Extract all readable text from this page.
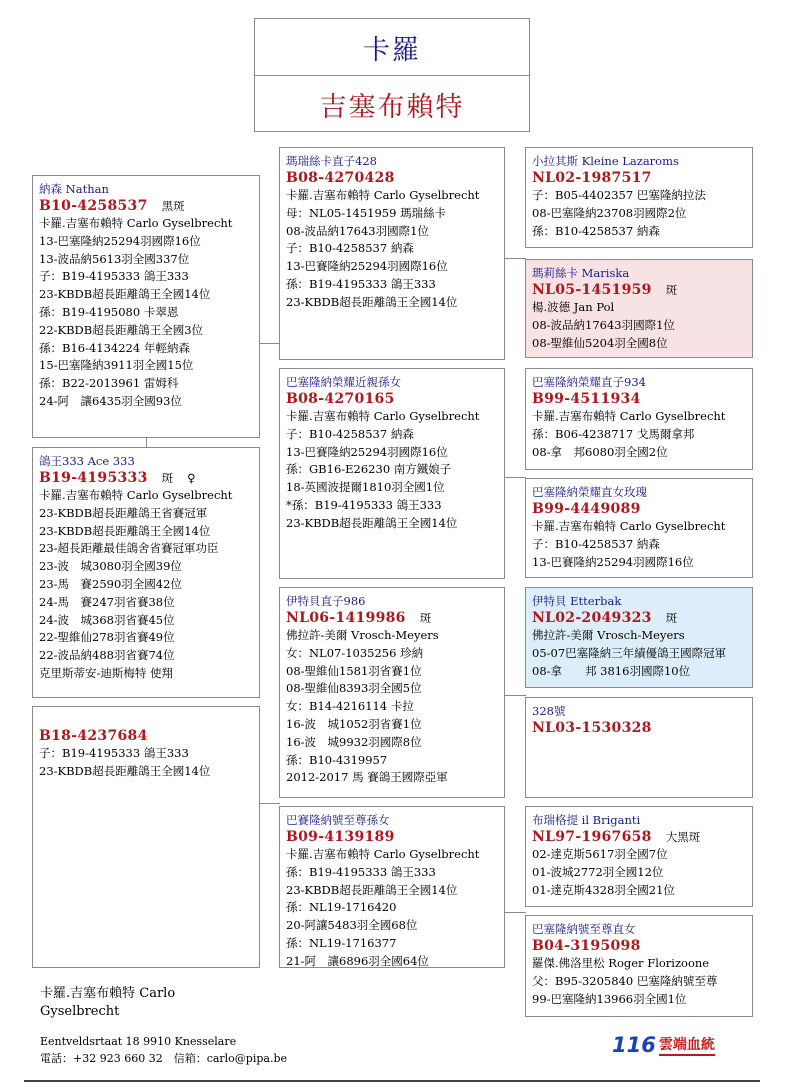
卡羅
吉塞布賴特
納森 Nathan
B10-4258537 黑斑
卡羅.吉塞布賴特 Carlo Gyselbrecht
13-巴塞隆納25294羽國際16位
13-波品納5613羽全國337位
子：B19-4195333 鴿王333
23-KBDB超長距離鴿王全國14位
孫：B19-4195080 卡翠恩
22-KBDB超長距離鴿王全國3位
孫：B16-4134224 年輕納森
15-巴塞隆納3911羽全國15位
孫：B22-2013961 雷姆科
24-阿　讓6435羽全國93位
鴿王333 Ace 333
B19-4195333 斑 ♀
卡羅.吉塞布賴特 Carlo Gyselbrecht
23-KBDB超長距離鴿王省賽冠軍
23-KBDB超長距離鴿王全國14位
23-超長距離最佳鴿舍省賽冠軍功臣
23-波　城3080羽全國39位
23-馬　賽2590羽全國42位
24-馬　賽247羽省賽38位
24-波　城368羽省賽45位
22-聖維仙278羽省賽49位
22-波品納488羽省賽74位
克里斯蒂安-迪斯梅特 使翔
B18-4237684
子：B19-4195333 鴿王333
23-KBDB超長距離鴿王全國14位
瑪瑞絲卡直子428
B08-4270428
卡羅.吉塞布賴特 Carlo Gyselbrecht
母：NL05-1451959 瑪瑞絲卡
08-波品納17643羽國際1位
子：B10-4258537 納森
13-巴賽隆納25294羽國際16位
孫：B19-4195333 鴿王333
23-KBDB超長距離鴿王全國14位
巴塞隆納榮耀近親孫女
B08-4270165
卡羅.吉塞布賴特 Carlo Gyselbrecht
子：B10-4258537 納森
13-巴賽隆納25294羽國際16位
孫：GB16-E26230 南方鐵娘子
18-英國波提爾1810羽全國1位
*孫：B19-4195333 鴿王333
23-KBDB超長距離鴿王全國14位
伊特貝直子986
NL06-1419986 斑
佛拉許-美爾 Vrosch-Meyers
女：NL07-1035256 珍納
08-聖維仙1581羽省賽1位
08-聖維仙8393羽全國5位
女：B14-4216114 卡拉
16-波　城1052羽省賽1位
16-波　城9932羽國際8位
孫：B10-4319957
2012-2017 馬 賽鴿王國際亞軍
巴賽隆納號至尊孫女
B09-4139189
卡羅.吉塞布賴特 Carlo Gyselbrecht
孫：B19-4195333 鴿王333
23-KBDB超長距離鴿王全國14位
孫：NL19-1716420
20-阿讓5483羽全國68位
孫：NL19-1716377
21-阿　讓6896羽全國64位
小拉其斯 Kleine Lazaroms
NL02-1987517
子：B05-4402357 巴塞隆納拉法
08-巴塞隆納23708羽國際2位
孫：B10-4258537 納森
瑪莉絲卡 Mariska
NL05-1451959 斑
楊.波德 Jan Pol
08-波品納17643羽國際1位
08-聖維仙5204羽全國8位
巴塞隆納榮耀直子934
B99-4511934
卡羅.吉塞布賴特 Carlo Gyselbrecht
孫：B06-4238717 戈馬爾拿邦
08-拿　邦6080羽全國2位
巴塞隆納榮耀直女玫瑰
B99-4449089
卡羅.吉塞布賴特 Carlo Gyselbrecht
子：B10-4258537 納森
13-巴賽隆納25294羽國際16位
伊特貝 Etterbak
NL02-2049323 斑
佛拉許-美爾 Vrosch-Meyers
05-07巴塞隆納三年績優鴿王國際冠軍
08-拿　　邦 3816羽國際10位
328號
NL03-1530328
布瑞格提 il Briganti
NL97-1967658 大黑斑
02-達克斯5617羽全國7位
01-波城2772羽全國12位
01-達克斯4328羽全國21位
巴塞隆納號至尊直女
B04-3195098
羅傑.佛洛里松 Roger Florizoone
父：B95-3205840 巴塞隆納號至尊
99-巴塞隆納13966羽全國1位
卡羅.吉塞布賴特 Carlo Gyselbrecht
Eentveldsrtaat 18 9910 Knesselare
電話：+32 923 660 32　信箱：carlo@pipa.be
116 雲端血統
